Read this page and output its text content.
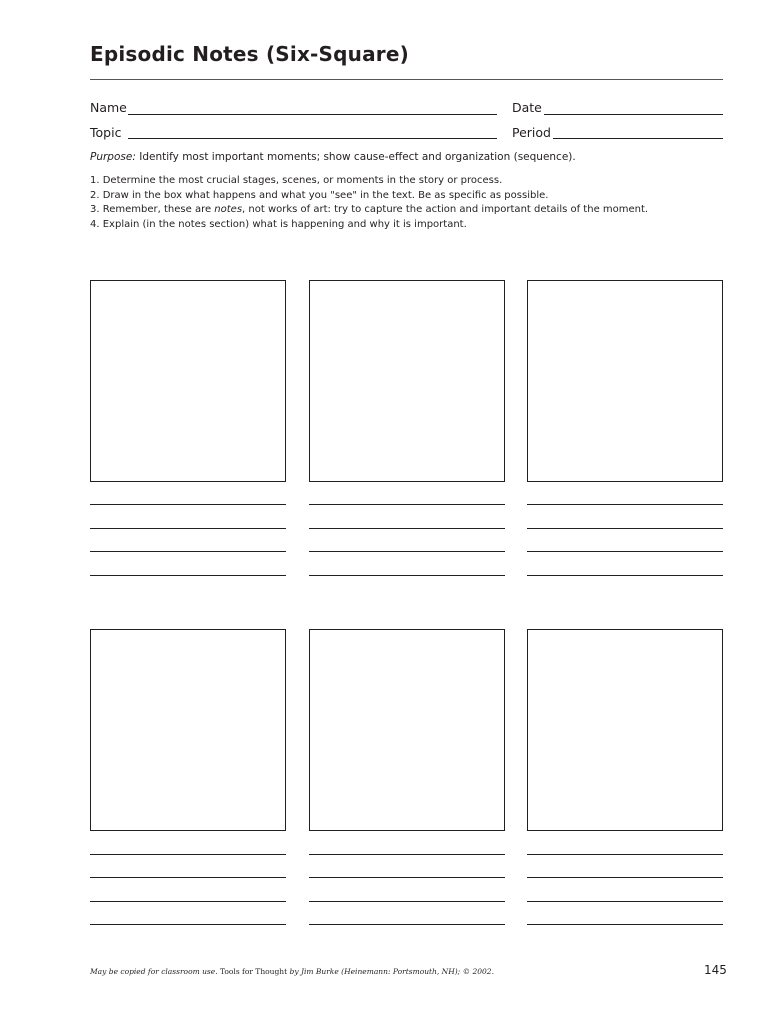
Episodic Notes (Six-Square)
Name	Date
Topic	Period
Purpose: Identify most important moments; show cause-effect and organization (sequence).
1. Determine the most crucial stages, scenes, or moments in the story or process.
2. Draw in the box what happens and what you "see" in the text. Be as specific as possible.
3. Remember, these are notes, not works of art: try to capture the action and important details of the moment.
4. Explain (in the notes section) what is happening and why it is important.
May be copied for classroom use. Tools for Thought by Jim Burke (Heinemann: Portsmouth, NH); © 2002.	145
